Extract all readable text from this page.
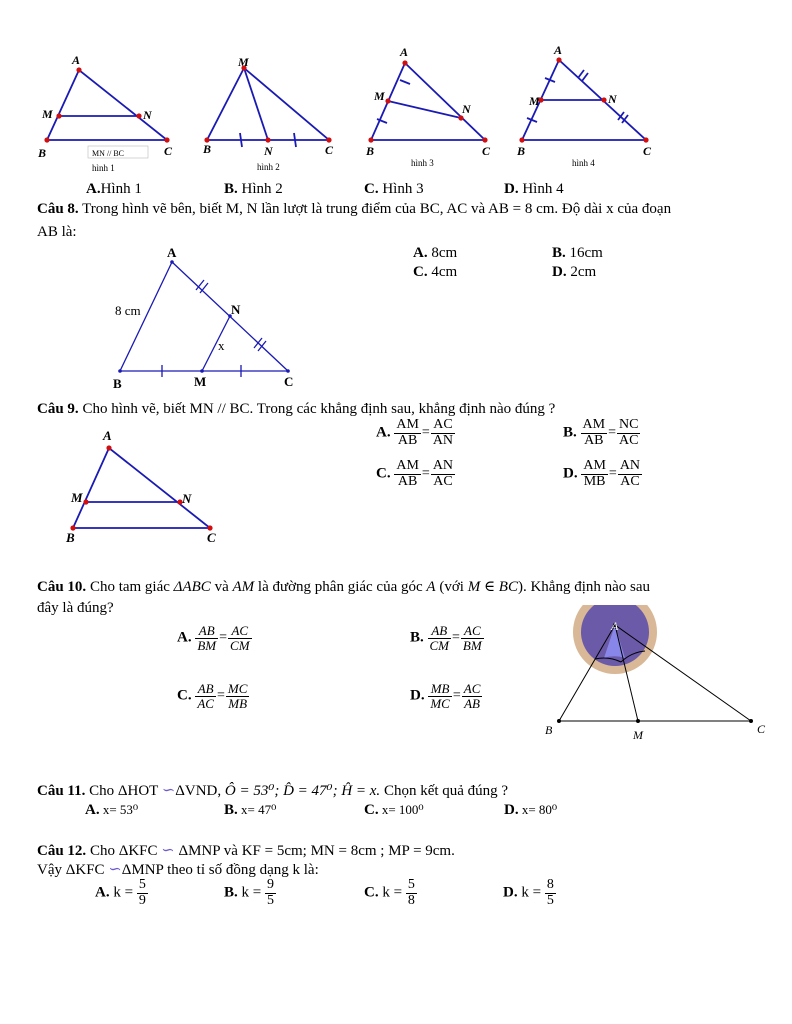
A
M	N
B	C
M
B	N	C
A
M
N
B	C
A
M	N
B	C
MN // BC
hình 1	hình 2	hình 3	hình 4
A.Hình 1	B. Hình 2	C. Hình 3	D. Hình 4
Câu 8. Trong hình vẽ bên, biết M, N lần lượt là trung điểm của BC, AC và AB = 8 cm. Độ dài x của đoạn
AB là:
A
N
B	M	C
8 cm
x
A. 8cm	B. 16cm
C. 4cm	D. 2cm
Câu 9. Cho hình vẽ, biết MN // BC. Trong các khẳng định sau, khẳng định nào đúng ?
A
M	N
B	C
A. $\frac{AM}{AB} = \frac{AC}{AN}$	B. $\frac{AM}{AB} = \frac{NC}{AC}$
C. $\frac{AM}{AB} = \frac{AN}{AC}$	D. $\frac{AM}{MB} = \frac{AN}{AC}$
Câu 10. Cho tam giác ΔABC và AM là đường phân giác của góc A (với M ∈ BC). Khẳng định nào sau
đây là đúng?
A. $\frac{AB}{BM} = \frac{AC}{CM}$	B. $\frac{AB}{CM} = \frac{AC}{BM}$
C. $\frac{AB}{AC} = \frac{MC}{MB}$	D. $\frac{MB}{MC} = \frac{AC}{AB}$
A
B	M	C
Câu 11. Cho ΔHOT ∽ΔVND, Ô = 53⁰; D̂ = 47⁰; Ĥ = x. Chọn kết quả đúng ?
A. x= 53⁰	B. x= 47⁰	C. x= 100⁰	D. x= 80⁰
Câu 12. Cho ΔKFC ∽ ΔMNP và KF = 5cm; MN = 8cm ; MP = 9cm.
Vậy ΔKFC ∽ΔMNP theo tỉ số đồng dạng k là:
A. $k = \frac{5}{9}$	B. $k = \frac{9}{5}$	C. $k = \frac{5}{8}$	D. $k = \frac{8}{5}$
